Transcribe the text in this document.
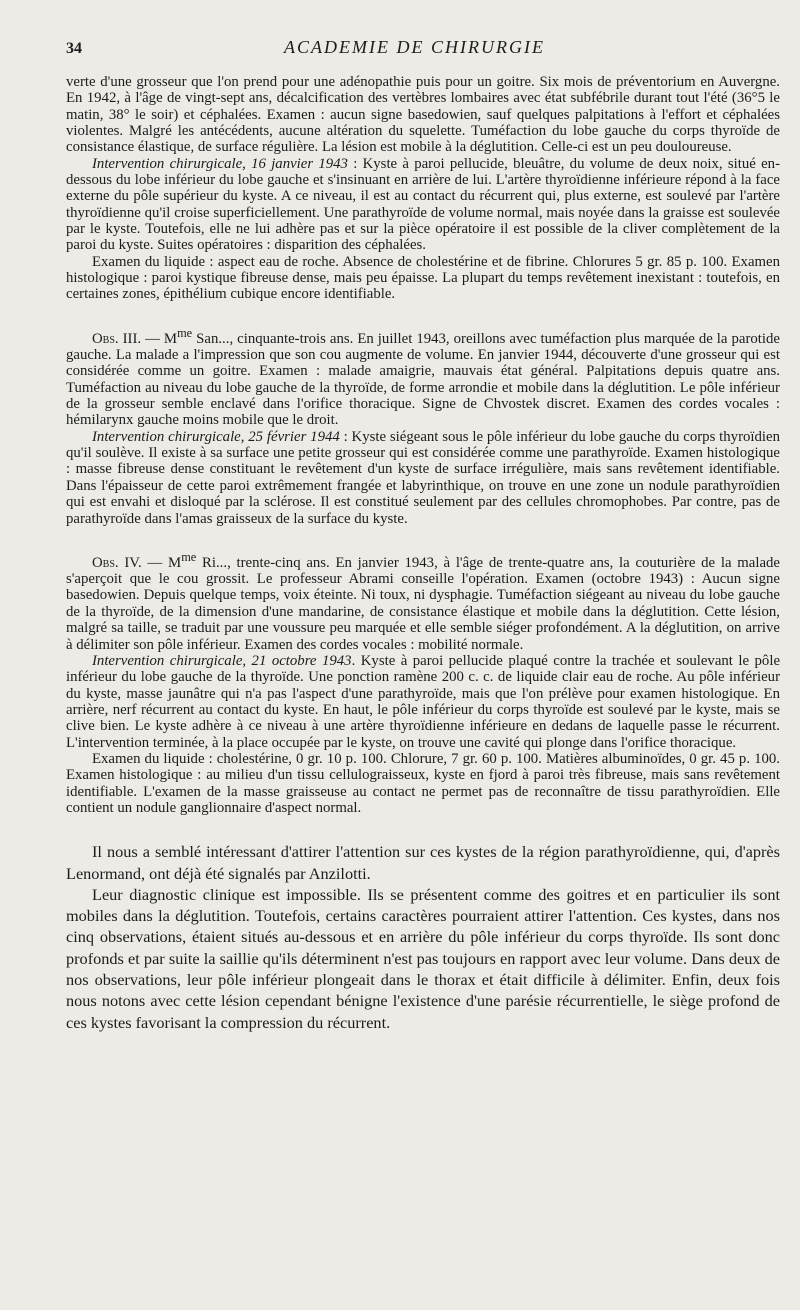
34	ACADEMIE DE CHIRURGIE

verte d'une grosseur que l'on prend pour une adénopathie puis pour un goitre. Six mois de préventorium en Auvergne. En 1942, à l'âge de vingt-sept ans, décalcification des vertèbres lombaires avec état subfébrile durant tout l'été (36°5 le matin, 38° le soir) et céphalées. Examen : aucun signe basedowien, sauf quelques palpitations à l'effort et céphalées violentes. Malgré les antécédents, aucune altération du squelette. Tuméfaction du lobe gauche du corps thyroïde de consistance élastique, de surface régulière. La lésion est mobile à la déglutition. Celle-ci est un peu douloureuse.

Intervention chirurgicale, 16 janvier 1943 : Kyste à paroi pellucide, bleuâtre, du volume de deux noix, situé en-dessous du lobe inférieur du lobe gauche et s'insinuant en arrière de lui. L'artère thyroïdienne inférieure répond à la face externe du pôle supérieur du kyste. A ce niveau, il est au contact du récurrent qui, plus externe, est soulevé par l'artère thyroïdienne qu'il croise superficiellement. Une parathyroïde de volume normal, mais noyée dans la graisse est soulevée par le kyste. Toutefois, elle ne lui adhère pas et sur la pièce opératoire il est possible de la cliver complètement de la paroi du kyste. Suites opératoires : disparition des céphalées.

Examen du liquide : aspect eau de roche. Absence de cholestérine et de fibrine. Chlorures 5 gr. 85 p. 100. Examen histologique : paroi kystique fibreuse dense, mais peu épaisse. La plupart du temps revêtement inexistant : toutefois, en certaines zones, épithélium cubique encore identifiable.

Obs. III. — $M^{me}$ San..., cinquante-trois ans. En juillet 1943, oreillons avec tuméfaction plus marquée de la parotide gauche. La malade a l'impression que son cou augmente de volume. En janvier 1944, découverte d'une grosseur qui est considérée comme un goitre. Examen : malade amaigrie, mauvais état général. Palpitations depuis quatre ans. Tuméfaction au niveau du lobe gauche de la thyroïde, de forme arrondie et mobile dans la déglutition. Le pôle inférieur de la grosseur semble enclavé dans l'orifice thoracique. Signe de Chvostek discret. Examen des cordes vocales : hémilarynx gauche moins mobile que le droit.

Intervention chirurgicale, 25 février 1944 : Kyste siégeant sous le pôle inférieur du lobe gauche du corps thyroïdien qu'il soulève. Il existe à sa surface une petite grosseur qui est considérée comme une parathyroïde. Examen histologique : masse fibreuse dense constituant le revêtement d'un kyste de surface irrégulière, mais sans revêtement identifiable. Dans l'épaisseur de cette paroi extrêmement frangée et labyrinthique, on trouve en une zone un nodule parathyroïdien qui est envahi et disloqué par la sclérose. Il est constitué seulement par des cellules chromophobes. Par contre, pas de parathyroïde dans l'amas graisseux de la surface du kyste.

Obs. IV. — $M^{me}$ Ri..., trente-cinq ans. En janvier 1943, à l'âge de trente-quatre ans, la couturière de la malade s'aperçoit que le cou grossit. Le professeur Abrami conseille l'opération. Examen (octobre 1943) : Aucun signe basedowien. Depuis quelque temps, voix éteinte. Ni toux, ni dysphagie. Tuméfaction siégeant au niveau du lobe gauche de la thyroïde, de la dimension d'une mandarine, de consistance élastique et mobile dans la déglutition. Cette lésion, malgré sa taille, se traduit par une voussure peu marquée et elle semble siéger profondément. A la déglutition, on arrive à délimiter son pôle inférieur. Examen des cordes vocales : mobilité normale.

Intervention chirurgicale, 21 octobre 1943. Kyste à paroi pellucide plaqué contre la trachée et soulevant le pôle inférieur du lobe gauche de la thyroïde. Une ponction ramène 200 c. c. de liquide clair eau de roche. Au pôle inférieur du kyste, masse jaunâtre qui n'a pas l'aspect d'une parathyroïde, mais que l'on prélève pour examen histologique. En arrière, nerf récurrent au contact du kyste. En haut, le pôle inférieur du corps thyroïde est soulevé par le kyste, mais se clive bien. Le kyste adhère à ce niveau à une artère thyroïdienne inférieure en dedans de laquelle passe le récurrent. L'intervention terminée, à la place occupée par le kyste, on trouve une cavité qui plonge dans l'orifice thoracique.

Examen du liquide : cholestérine, 0 gr. 10 p. 100. Chlorure, 7 gr. 60 p. 100. Matières albuminoïdes, 0 gr. 45 p. 100. Examen histologique : au milieu d'un tissu cellulograisseux, kyste en fjord à paroi très fibreuse, mais sans revêtement identifiable. L'examen de la masse graisseuse au contact ne permet pas de reconnaître de tissu parathyroïdien. Elle contient un nodule ganglionnaire d'aspect normal.

Il nous a semblé intéressant d'attirer l'attention sur ces kystes de la région parathyroïdienne, qui, d'après Lenormand, ont déjà été signalés par Anzilotti.

Leur diagnostic clinique est impossible. Ils se présentent comme des goitres et en particulier ils sont mobiles dans la déglutition. Toutefois, certains caractères pourraient attirer l'attention. Ces kystes, dans nos cinq observations, étaient situés au-dessous et en arrière du pôle inférieur du corps thyroïde. Ils sont donc profonds et par suite la saillie qu'ils déterminent n'est pas toujours en rapport avec leur volume. Dans deux de nos observations, leur pôle inférieur plongeait dans le thorax et était difficile à délimiter. Enfin, deux fois nous notons avec cette lésion cependant bénigne l'existence d'une parésie récurrentielle, le siège profond de ces kystes favorisant la compression du récurrent.
